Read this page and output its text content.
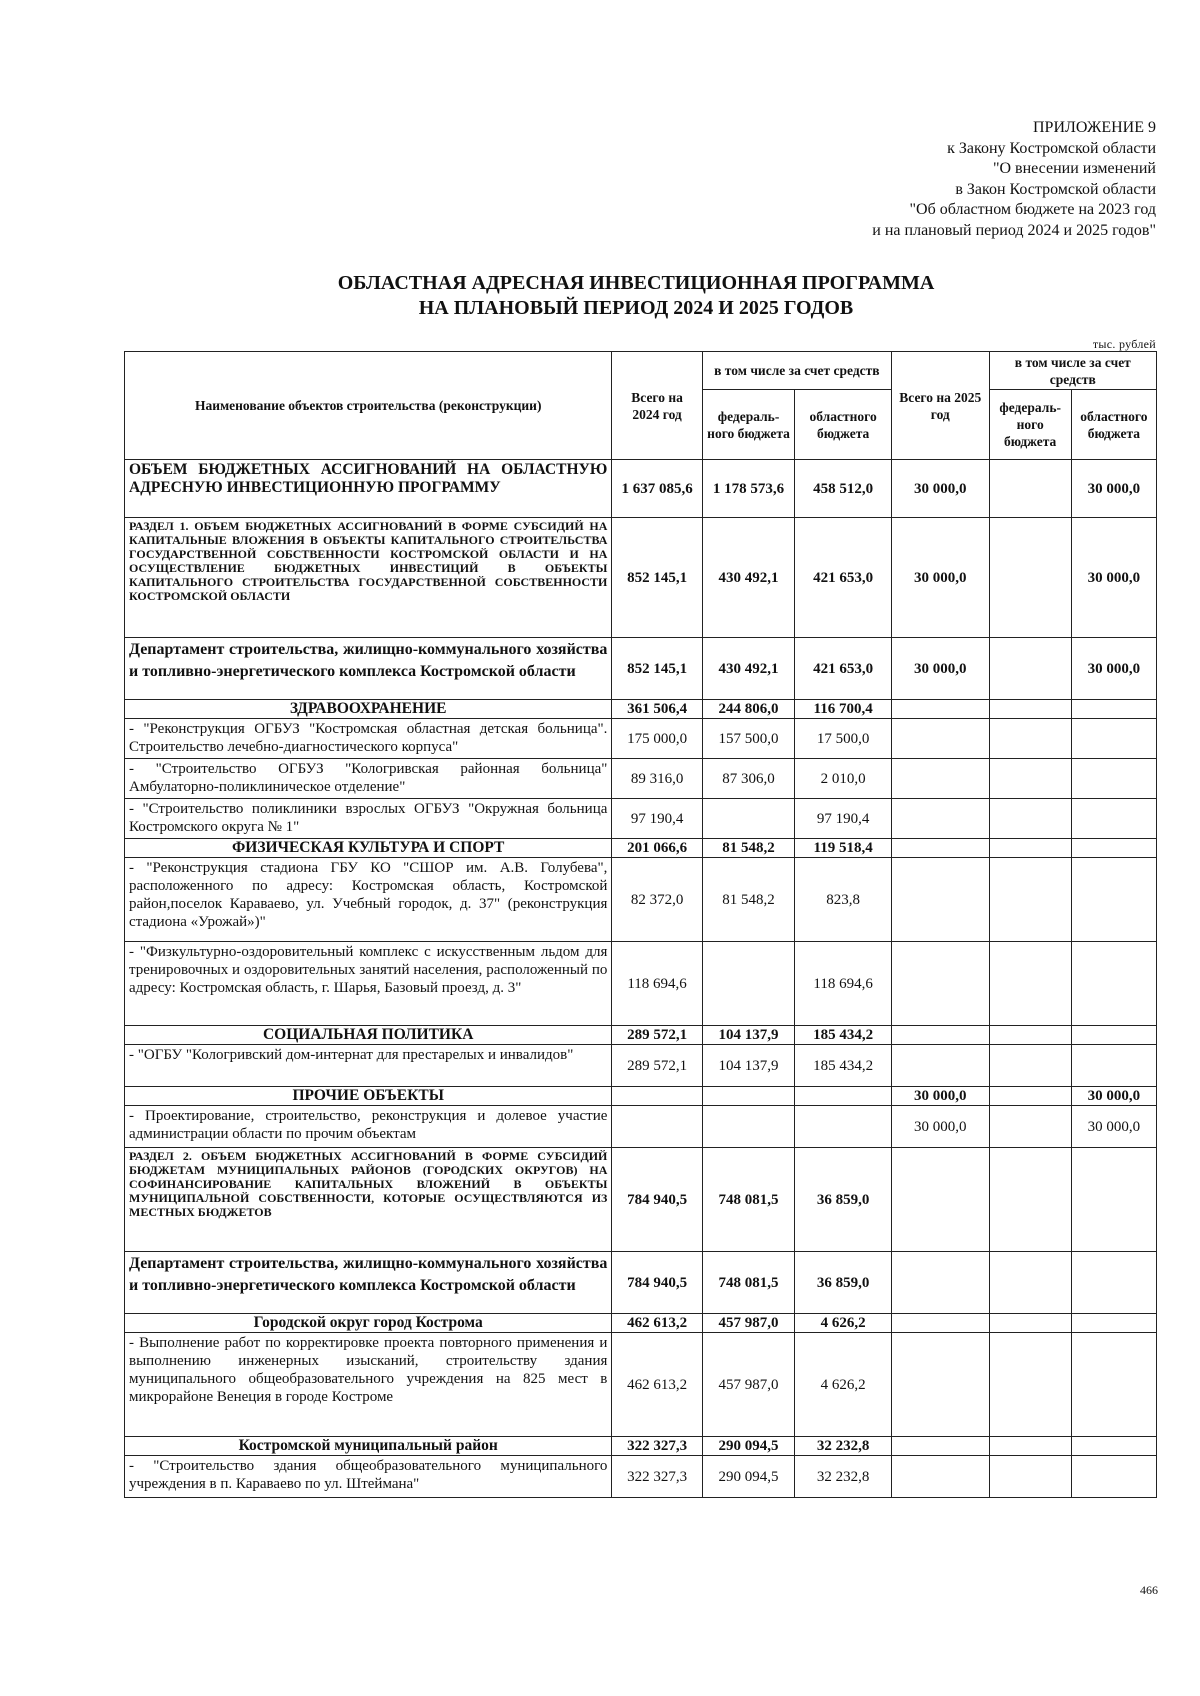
ПРИЛОЖЕНИЕ 9
к Закону Костромской области
"О внесении изменений
в Закон Костромской области
"Об областном бюджете на 2023 год
и на плановый период 2024 и 2025 годов"
ОБЛАСТНАЯ АДРЕСНАЯ ИНВЕСТИЦИОННАЯ ПРОГРАММА
НА ПЛАНОВЫЙ ПЕРИОД 2024 И 2025 ГОДОВ
тыс. рублей
Наименование объектов строительства (реконструкции)	Всего на 2024 год	в том числе за счет средств		Всего на 2025 год	в том числе за счет средств	
		федераль-ного бюджета	областного бюджета		федераль-ного бюджета	областного бюджета
ОБЪЕМ БЮДЖЕТНЫХ АССИГНОВАНИЙ НА ОБЛАСТНУЮ АДРЕСНУЮ ИНВЕСТИЦИОННУЮ ПРОГРАММУ	1 637 085,6	1 178 573,6	458 512,0	30 000,0		30 000,0
РАЗДЕЛ 1. ОБЪЕМ БЮДЖЕТНЫХ АССИГНОВАНИЙ В ФОРМЕ СУБСИДИЙ НА КАПИТАЛЬНЫЕ ВЛОЖЕНИЯ В ОБЪЕКТЫ КАПИТАЛЬНОГО СТРОИТЕЛЬСТВА ГОСУДАРСТВЕННОЙ СОБСТВЕННОСТИ КОСТРОМСКОЙ ОБЛАСТИ И НА ОСУЩЕСТВЛЕНИЕ БЮДЖЕТНЫХ ИНВЕСТИЦИЙ В ОБЪЕКТЫ КАПИТАЛЬНОГО СТРОИТЕЛЬСТВА ГОСУДАРСТВЕННОЙ СОБСТВЕННОСТИ КОСТРОМСКОЙ ОБЛАСТИ	852 145,1	430 492,1	421 653,0	30 000,0		30 000,0
Департамент строительства, жилищно-коммунального хозяйства и топливно-энергетического комплекса Костромской области	852 145,1	430 492,1	421 653,0	30 000,0		30 000,0
ЗДРАВООХРАНЕНИЕ	361 506,4	244 806,0	116 700,4			
- "Реконструкция ОГБУЗ "Костромская областная детская больница". Строительство лечебно-диагностического корпуса"	175 000,0	157 500,0	17 500,0			
- "Строительство ОГБУЗ "Кологривская районная больница" Амбулаторно-поликлиническое отделение"	89 316,0	87 306,0	2 010,0			
- "Строительство поликлиники взрослых ОГБУЗ "Окружная больница Костромского округа № 1"	97 190,4		97 190,4			
ФИЗИЧЕСКАЯ КУЛЬТУРА И СПОРТ	201 066,6	81 548,2	119 518,4			
- "Реконструкция стадиона ГБУ КО "СШОР им. А.В. Голубева", расположенного по адресу: Костромская область, Костромской район,поселок Караваево, ул. Учебный городок, д. 37" (реконструкция стадиона «Урожай»)"	82 372,0	81 548,2	823,8			
- "Физкультурно-оздоровительный комплекс с искусственным льдом для тренировочных и оздоровительных занятий населения, расположенный по адресу: Костромская область, г. Шарья, Базовый проезд, д. 3"	118 694,6		118 694,6			
СОЦИАЛЬНАЯ ПОЛИТИКА	289 572,1	104 137,9	185 434,2			
- "ОГБУ "Кологривский дом-интернат для престарелых и инвалидов"	289 572,1	104 137,9	185 434,2			
ПРОЧИЕ ОБЪЕКТЫ				30 000,0		30 000,0
- Проектирование, строительство, реконструкция и долевое участие администрации области по прочим объектам				30 000,0		30 000,0
РАЗДЕЛ 2. ОБЪЕМ БЮДЖЕТНЫХ АССИГНОВАНИЙ В ФОРМЕ СУБСИДИЙ БЮДЖЕТАМ МУНИЦИПАЛЬНЫХ РАЙОНОВ (ГОРОДСКИХ ОКРУГОВ) НА СОФИНАНСИРОВАНИЕ КАПИТАЛЬНЫХ ВЛОЖЕНИЙ В ОБЪЕКТЫ МУНИЦИПАЛЬНОЙ СОБСТВЕННОСТИ, КОТОРЫЕ ОСУЩЕСТВЛЯЮТСЯ ИЗ МЕСТНЫХ БЮДЖЕТОВ	784 940,5	748 081,5	36 859,0			
Департамент строительства, жилищно-коммунального хозяйства и топливно-энергетического комплекса Костромской области	784 940,5	748 081,5	36 859,0			
Городской округ город Кострома	462 613,2	457 987,0	4 626,2			
- Выполнение работ по корректировке проекта повторного применения и выполнению инженерных изысканий, строительству здания муниципального общеобразовательного учреждения на 825 мест в микрорайоне Венеция в городе Костроме	462 613,2	457 987,0	4 626,2			
Костромской муниципальный район	322 327,3	290 094,5	32 232,8			
- "Строительство здания общеобразовательного муниципального учреждения в п. Караваево по ул. Штеймана"	322 327,3	290 094,5	32 232,8			
466
